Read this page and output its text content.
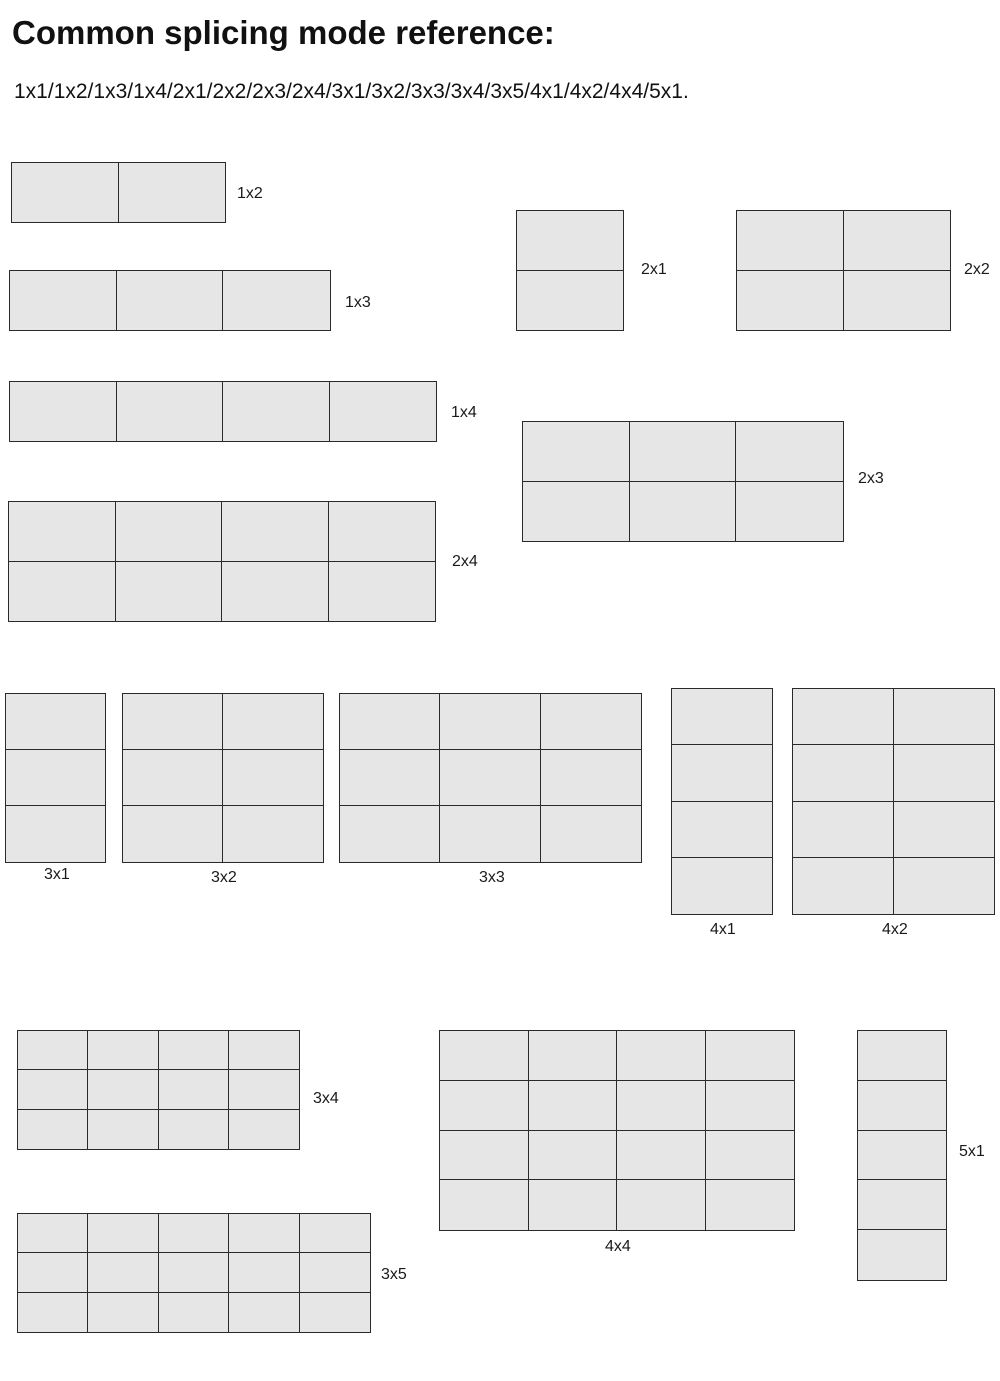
Common splicing mode reference:
1x1/1x2/1x3/1x4/2x1/2x2/2x3/2x4/3x1/3x2/3x3/3x4/3x5/4x1/4x2/4x4/5x1.
1x2
1x3
1x4
2x4
2x1	2x2
2x3
3x1	3x2	3x3
4x1	4x2
3x4
3x5
4x4
5x1
